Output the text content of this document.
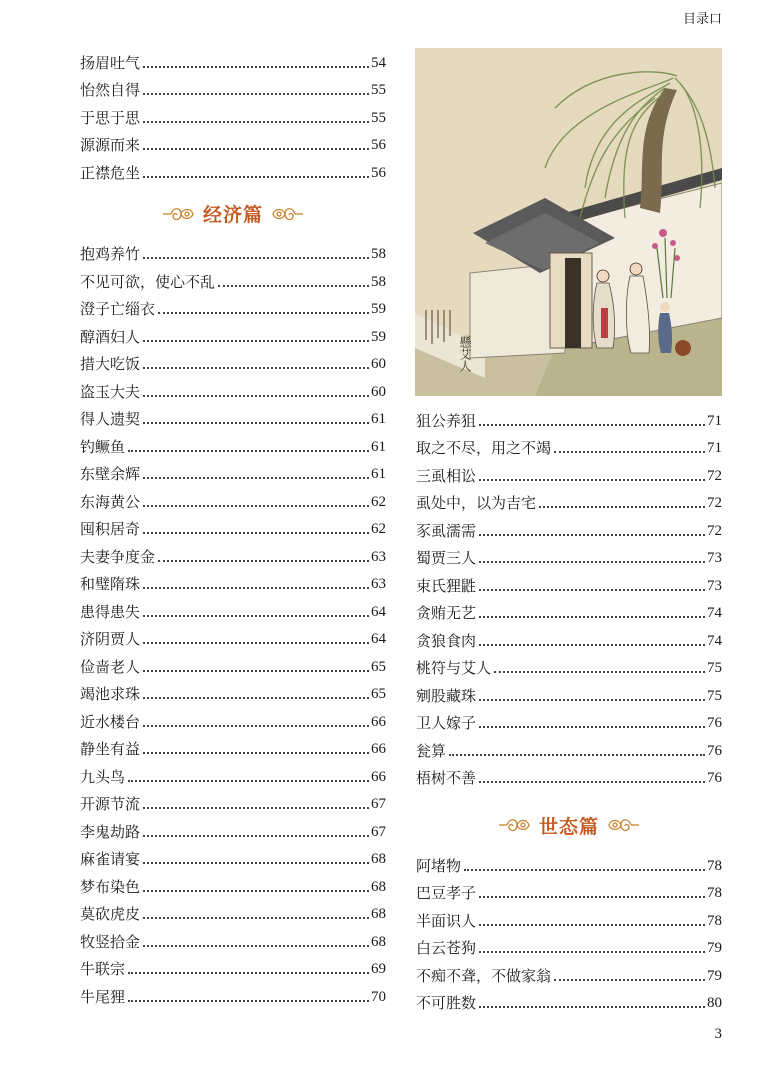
目录口
扬眉吐气	54
怡然自得	55
于思于思	55
源源而来	56
正襟危坐	56
经济篇
抱鸡养竹	58
不见可欲，使心不乱	58
澄子亡缁衣	59
醇酒妇人	59
措大吃饭	60
盗玉大夫	60
得人遗契	61
钓鳜鱼	61
东壁余辉	61
东海黄公	62
囤积居奇	62
夫妻争度金	63
和璧隋珠	63
患得患失	64
济阴贾人	64
俭啬老人	65
竭池求珠	65
近水楼台	66
静坐有益	66
九头鸟	66
开源节流	67
李鬼劫路	67
麻雀请宴	68
梦布染色	68
莫砍虎皮	68
牧竖拾金	68
牛联宗	69
牛尾狸	70
懸艾人
狙公养狙	71
取之不尽，用之不竭	71
三虱相讼	72
虱处中，以为吉宅	72
豕虱濡需	72
蜀贾三人	73
束氏狸鼪	73
贪贿无艺	74
贪狼食肉	74
桃符与艾人	75
剜股藏珠	75
卫人嫁子	76
瓮算	76
梧树不善	76
世态篇
阿堵物	78
巴豆孝子	78
半面识人	78
白云苍狗	79
不痴不聋，不做家翁	79
不可胜数	80
3
